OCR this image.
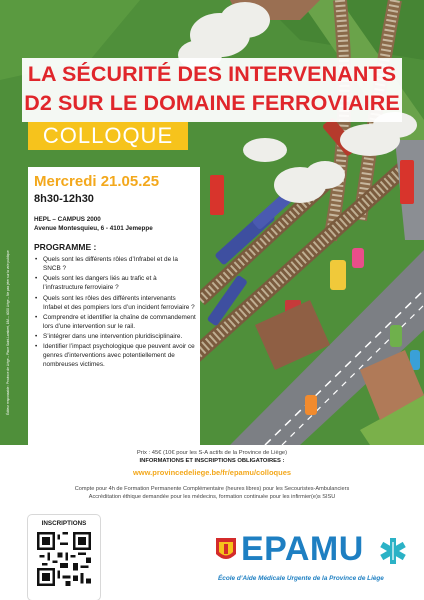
LA SÉCURITÉ DES INTERVENANTS
D2 SUR LE DOMAINE FERROVIAIRE
COLLOQUE
Éditeur responsable : Province de Liège – Place Saint-Lambert, 18A – 4000 Liège – Ne pas jeter sur la voie publique
Mercredi 21.05.25
8h30-12h30
HEPL – CAMPUS 2000
Avenue Montesquieu, 6 - 4101 Jemeppe
PROGRAMME :
• Quels sont les différents rôles d’Infrabel et de la SNCB ?
• Quels sont les dangers liés au trafic et à l’infrastructure ferroviaire ?
• Quels sont les rôles des différents intervenants Infabel et des pompiers lors d’un incident ferroviaire ?
• Comprendre et identifier la chaîne de commandement lors d’une intervention sur le rail.
• S’intégrer dans une intervention pluridisciplinaire.
• Identifier l’impact psychologique que peuvent avoir ce genres d’interventions avec potentiellement de nombreuses victimes.
Prix : 45€ (10€ pour les S-A actifs de la Province de Liège)
INFORMATIONS ET INSCRIPTIONS OBLIGATOIRES :
www.provincedeliege.be/fr/epamu/colloques
Compte pour 4h de Formation Permanente Complémentaire (heures libres) pour les Secouristes-Ambulanciers
Accréditation éthique demandée pour les médecins, formation continuée pour les infirmier(e)s SISU
INSCRIPTIONS
EPAMU
École d’Aide Médicale Urgente de la Province de Liège
